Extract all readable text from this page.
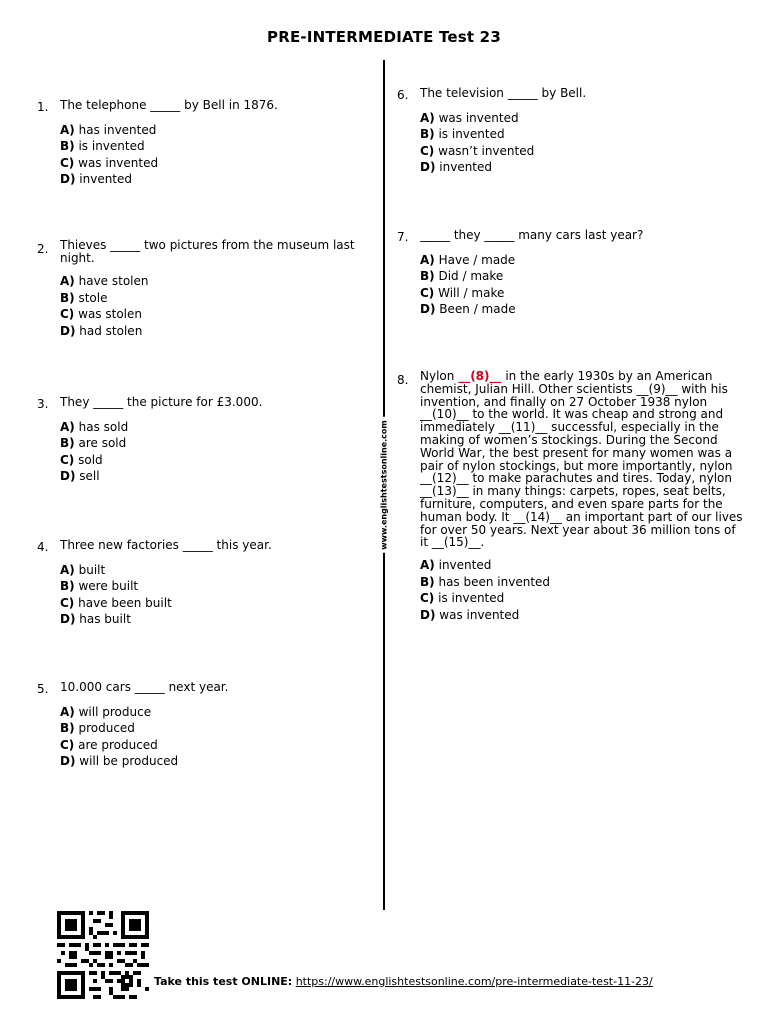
PRE-INTERMEDIATE Test 23
www.englishtestsonline.com
1. The telephone _____ by Bell in 1876.

A) has invented

B) is invented

C) was invented

D) invented

2. Thieves _____ two pictures from the museum last night.

A) have stolen

B) stole

C) was stolen

D) had stolen

3. They _____ the picture for £3.000.

A) has sold

B) are sold

C) sold

D) sell

4. Three new factories _____ this year.

A) built

B) were built

C) have been built

D) has built

5. 10.000 cars _____ next year.

A) will produce

B) produced

C) are produced

D) will be produced

6. The television _____ by Bell.

A) was invented

B) is invented

C) wasn’t invented

D) invented

7. _____ they _____ many cars last year?

A) Have / made

B) Did / make

C) Will / make

D) Been / made

8. Nylon __(8)__ in the early 1930s by an American
chemist, Julian Hill. Other scientists __(9)__ with his
invention, and finally on 27 October 1938 nylon
__(10)__ to the world. It was cheap and strong and
immediately __(11)__ successful, especially in the
making of women’s stockings. During the Second
World War, the best present for many women was a
pair of nylon stockings, but more importantly, nylon
__(12)__ to make parachutes and tires. Today, nylon
__(13)__ in many things: carpets, ropes, seat belts,
furniture, computers, and even spare parts for the
human body. It __(14)__ an important part of our lives
for over 50 years. Next year about 36 million tons of
it __(15)__.

A) invented

B) has been invented

C) is invented

D) was invented

Take this test ONLINE: https://www.englishtestsonline.com/pre-intermediate-test-11-23/
